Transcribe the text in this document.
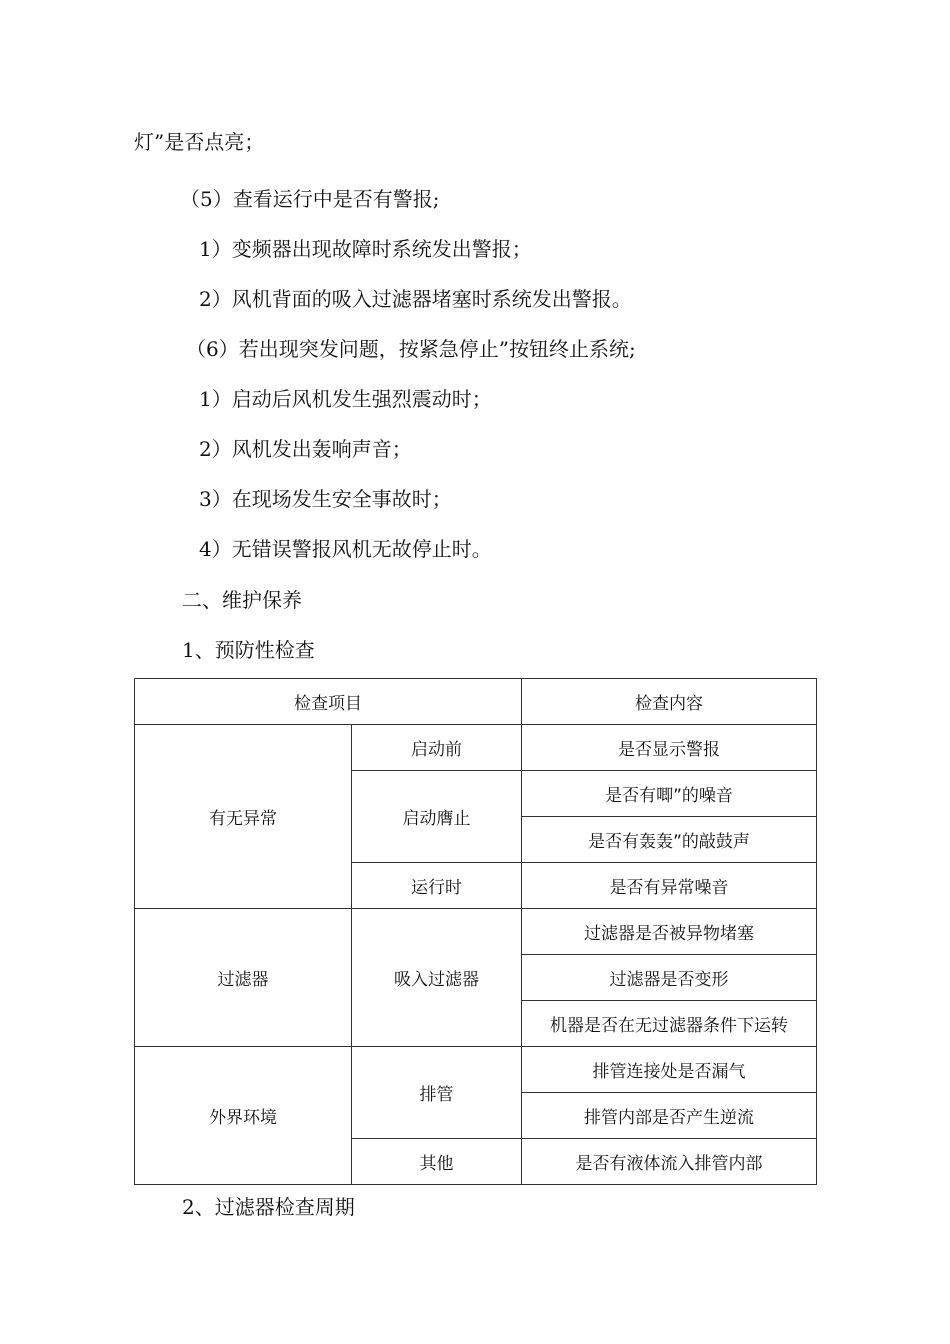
灯”是否点亮；
（5）查看运行中是否有警报;
1）变频器出现故障时系统发出警报；
2）风机背面的吸入过滤器堵塞时系统发出警报。
（6）若出现突发问题，按紧急停止”按钮终止系统;
1）启动后风机发生强烈震动时；
2）风机发出轰响声音；
3）在现场发生安全事故时；
4）无错误警报风机无故停止时。
二、维护保养
1、预防性检查
检查项目		检查内容
有无异常	启动前	是否显示警报
	启动膺止	是否有唧”的噪音
		是否有轰轰”的敲鼓声
	运行时	是否有异常噪音
过滤器	吸入过滤器	过滤器是否被异物堵塞
		过滤器是否变形
		机器是否在无过滤器条件下运转
外界环境	排管	排管连接处是否漏气
		排管内部是否产生逆流
	其他	是否有液体流入排管内部
2、过滤器检查周期
